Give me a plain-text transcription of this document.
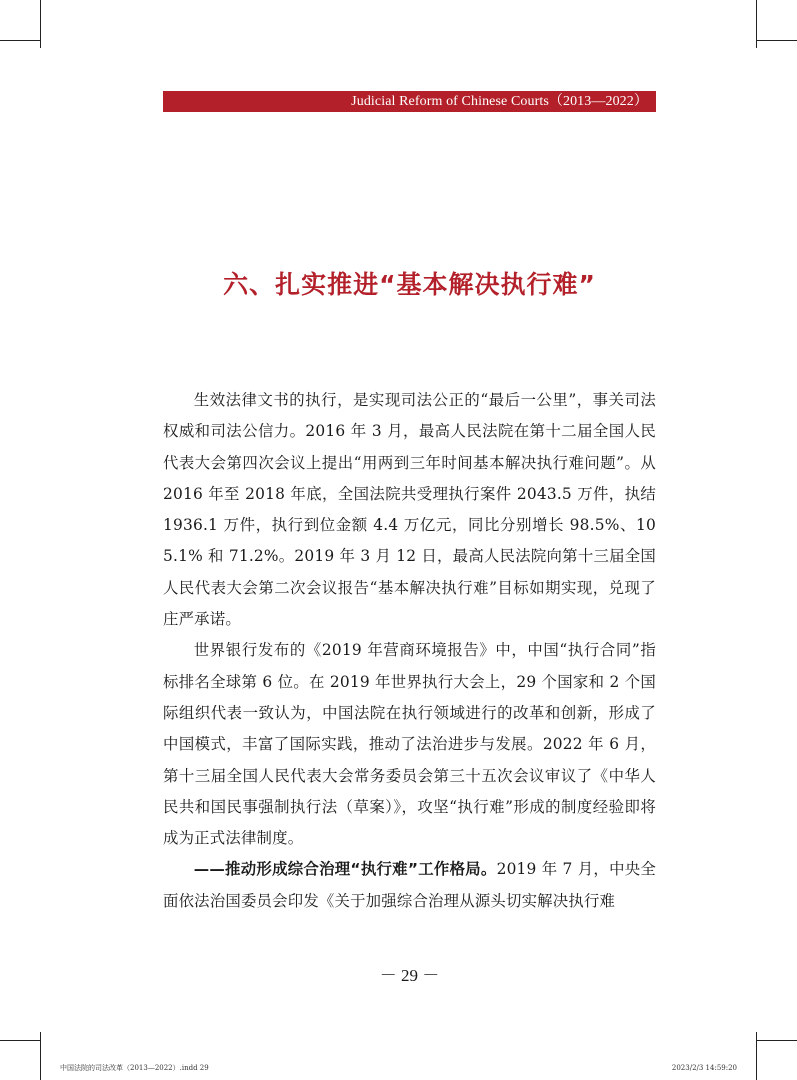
Judicial Reform of Chinese Courts（2013—2022）
六、扎实推进“基本解决执行难”

生效法律文书的执行，是实现司法公正的“最后一公里”，事关司法权威和司法公信力。2016 年 3 月，最高人民法院在第十二届全国人民代表大会第四次会议上提出“用两到三年时间基本解决执行难问题”。从 2016 年至 2018 年底，全国法院共受理执行案件 2043.5 万件，执结 1936.1 万件，执行到位金额 4.4 万亿元，同比分别增长 98.5%、105.1% 和 71.2%。2019 年 3 月 12 日，最高人民法院向第十三届全国人民代表大会第二次会议报告“基本解决执行难”目标如期实现，兑现了庄严承诺。

世界银行发布的《2019 年营商环境报告》中，中国“执行合同”指标排名全球第 6 位。在 2019 年世界执行大会上，29 个国家和 2 个国际组织代表一致认为，中国法院在执行领域进行的改革和创新，形成了中国模式，丰富了国际实践，推动了法治进步与发展。2022 年 6 月，第十三届全国人民代表大会常务委员会第三十五次会议审议了《中华人民共和国民事强制执行法（草案）》，攻坚“执行难”形成的制度经验即将成为正式法律制度。

——推动形成综合治理“执行难”工作格局。2019 年 7 月，中央全面依法治国委员会印发《关于加强综合治理从源头切实解决执行难

－ 29 －
中国法院的司法改革（2013—2022）.indd 29	2023/2/3 14:59:20
